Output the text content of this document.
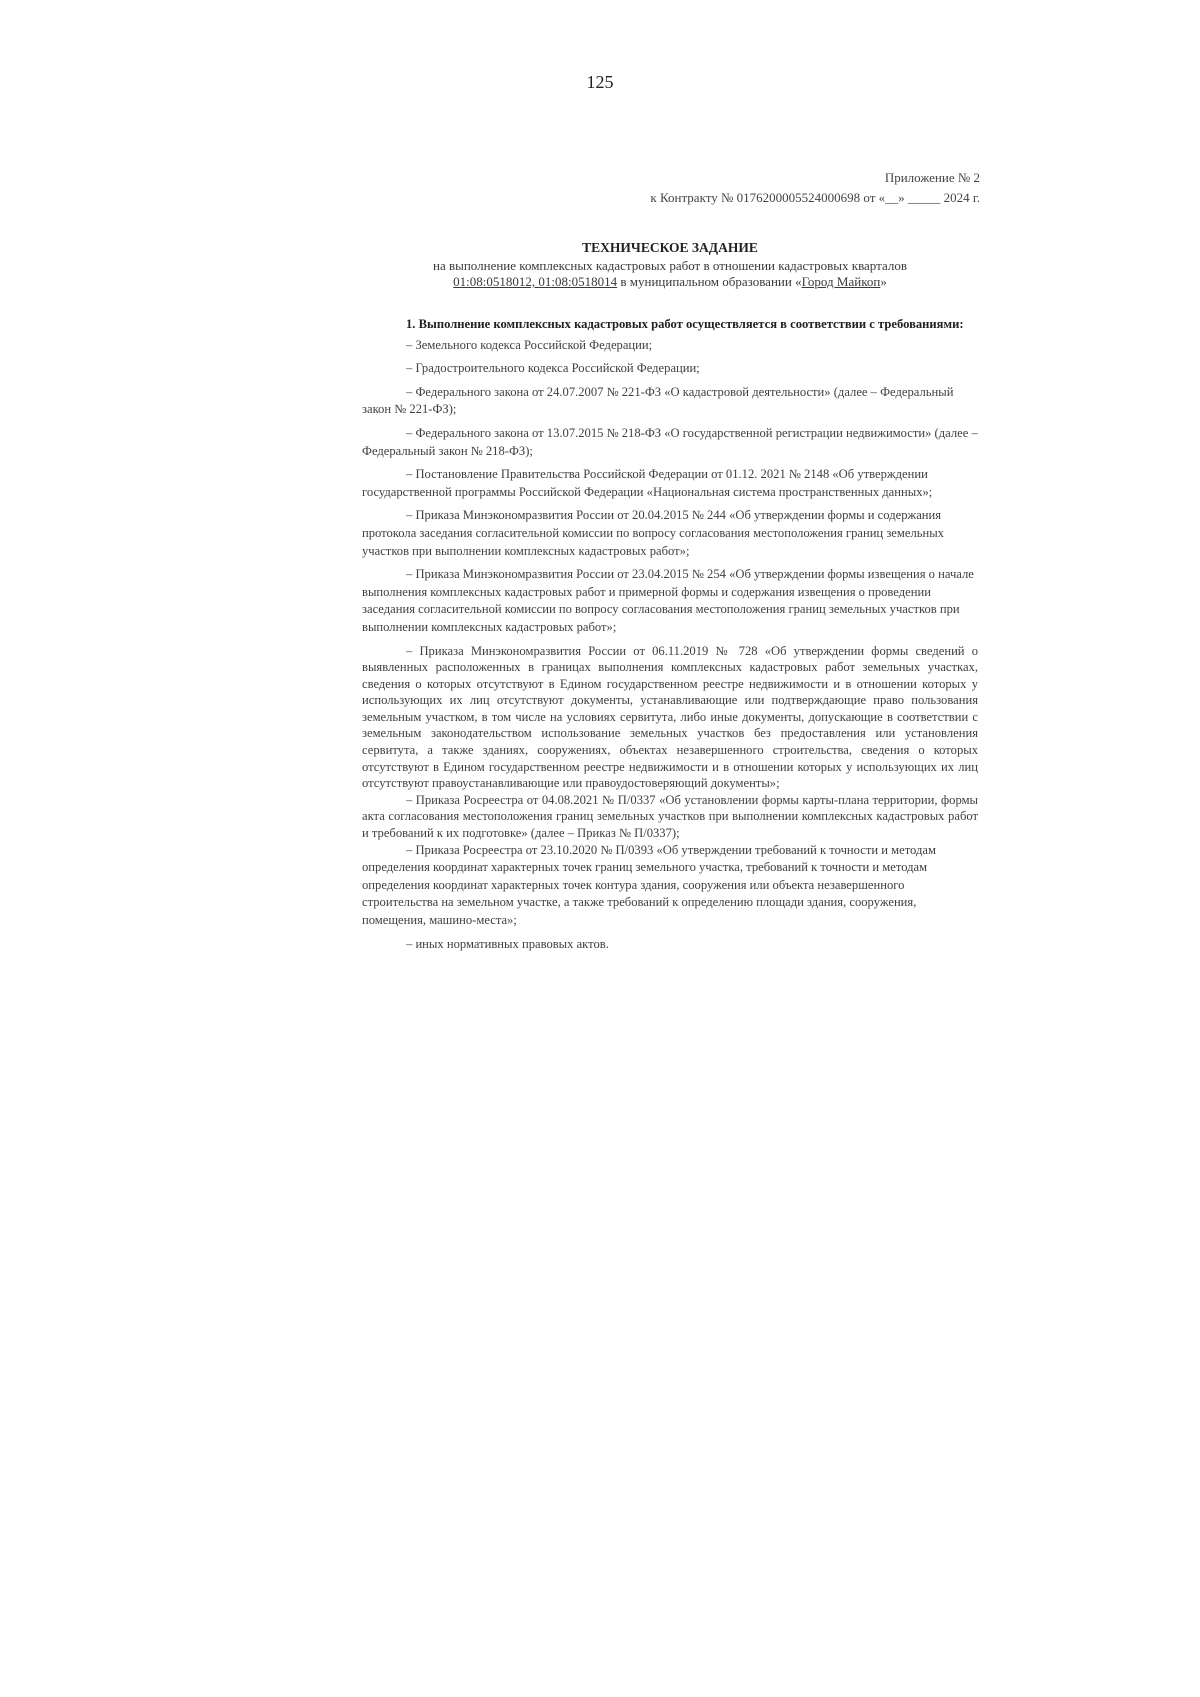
125
Приложение № 2
к Контракту № 0176200005524000698 от «__» _____ 2024 г.
ТЕХНИЧЕСКОЕ ЗАДАНИЕ
на выполнение комплексных кадастровых работ в отношении кадастровых кварталов
01:08:0518012, 01:08:0518014 в муниципальном образовании «Город Майкоп»

1. Выполнение комплексных кадастровых работ осуществляется в соответствии с требованиями:

– Земельного кодекса Российской Федерации;

– Градостроительного кодекса Российской Федерации;

– Федерального закона от 24.07.2007 № 221-ФЗ «О кадастровой деятельности» (далее – Федеральный закон № 221-ФЗ);

– Федерального закона от 13.07.2015 № 218-ФЗ «О государственной регистрации недвижимости» (далее – Федеральный закон № 218-ФЗ);

– Постановление Правительства Российской Федерации от 01.12. 2021 № 2148 «Об утверждении государственной программы Российской Федерации «Национальная система пространственных данных»;

– Приказа Минэкономразвития России от 20.04.2015 № 244 «Об утверждении формы и содержания протокола заседания согласительной комиссии по вопросу согласования местоположения границ земельных участков при выполнении комплексных кадастровых работ»;

– Приказа Минэкономразвития России от 23.04.2015 № 254 «Об утверждении формы извещения о начале выполнения комплексных кадастровых работ и примерной формы и содержания извещения о проведении заседания согласительной комиссии по вопросу согласования местоположения границ земельных участков при выполнении комплексных кадастровых работ»;

– Приказа Минэкономразвития России от 06.11.2019 № 728 «Об утверждении формы сведений о выявленных расположенных в границах выполнения комплексных кадастровых работ земельных участках, сведения о которых отсутствуют в Едином государственном реестре недвижимости и в отношении которых у использующих их лиц отсутствуют документы, устанавливающие или подтверждающие право пользования земельным участком, в том числе на условиях сервитута, либо иные документы, допускающие в соответствии с земельным законодательством использование земельных участков без предоставления или установления сервитута, а также зданиях, сооружениях, объектах незавершенного строительства, сведения о которых отсутствуют в Едином государственном реестре недвижимости и в отношении которых у использующих их лиц отсутствуют правоустанавливающие или правоудостоверяющий документы»;

– Приказа Росреестра от 04.08.2021 № П/0337 «Об установлении формы карты-плана территории, формы акта согласования местоположения границ земельных участков при выполнении комплексных кадастровых работ и требований к их подготовке» (далее – Приказ № П/0337);

– Приказа Росреестра от 23.10.2020 № П/0393 «Об утверждении требований к точности и методам определения координат характерных точек границ земельного участка, требований к точности и методам определения координат характерных точек контура здания, сооружения или объекта незавершенного строительства на земельном участке, а также требований к определению площади здания, сооружения, помещения, машино-места»;

– иных нормативных правовых актов.
